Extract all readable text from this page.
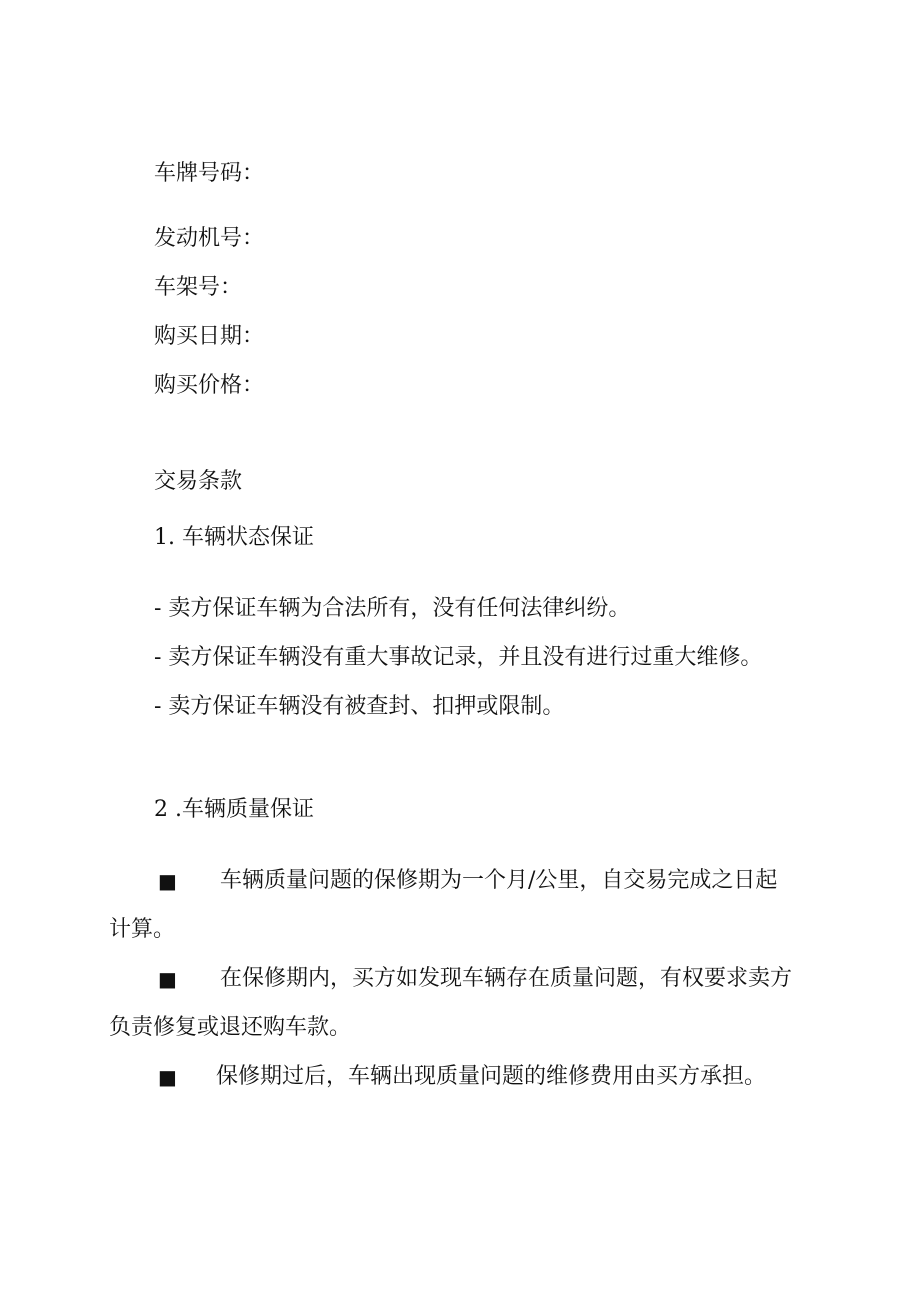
车牌号码：
发动机号：
车架号：
购买日期：
购买价格：
交易条款
1. 车辆状态保证
- 卖方保证车辆为合法所有，没有任何法律纠纷。
- 卖方保证车辆没有重大事故记录，并且没有进行过重大维修。
- 卖方保证车辆没有被查封、扣押或限制。
2 .车辆质量保证
■ 车辆质量问题的保修期为一个月/公里，自交易完成之日起
计算。
■ 在保修期内，买方如发现车辆存在质量问题，有权要求卖方
负责修复或退还购车款。
■ 保修期过后，车辆出现质量问题的维修费用由买方承担。
